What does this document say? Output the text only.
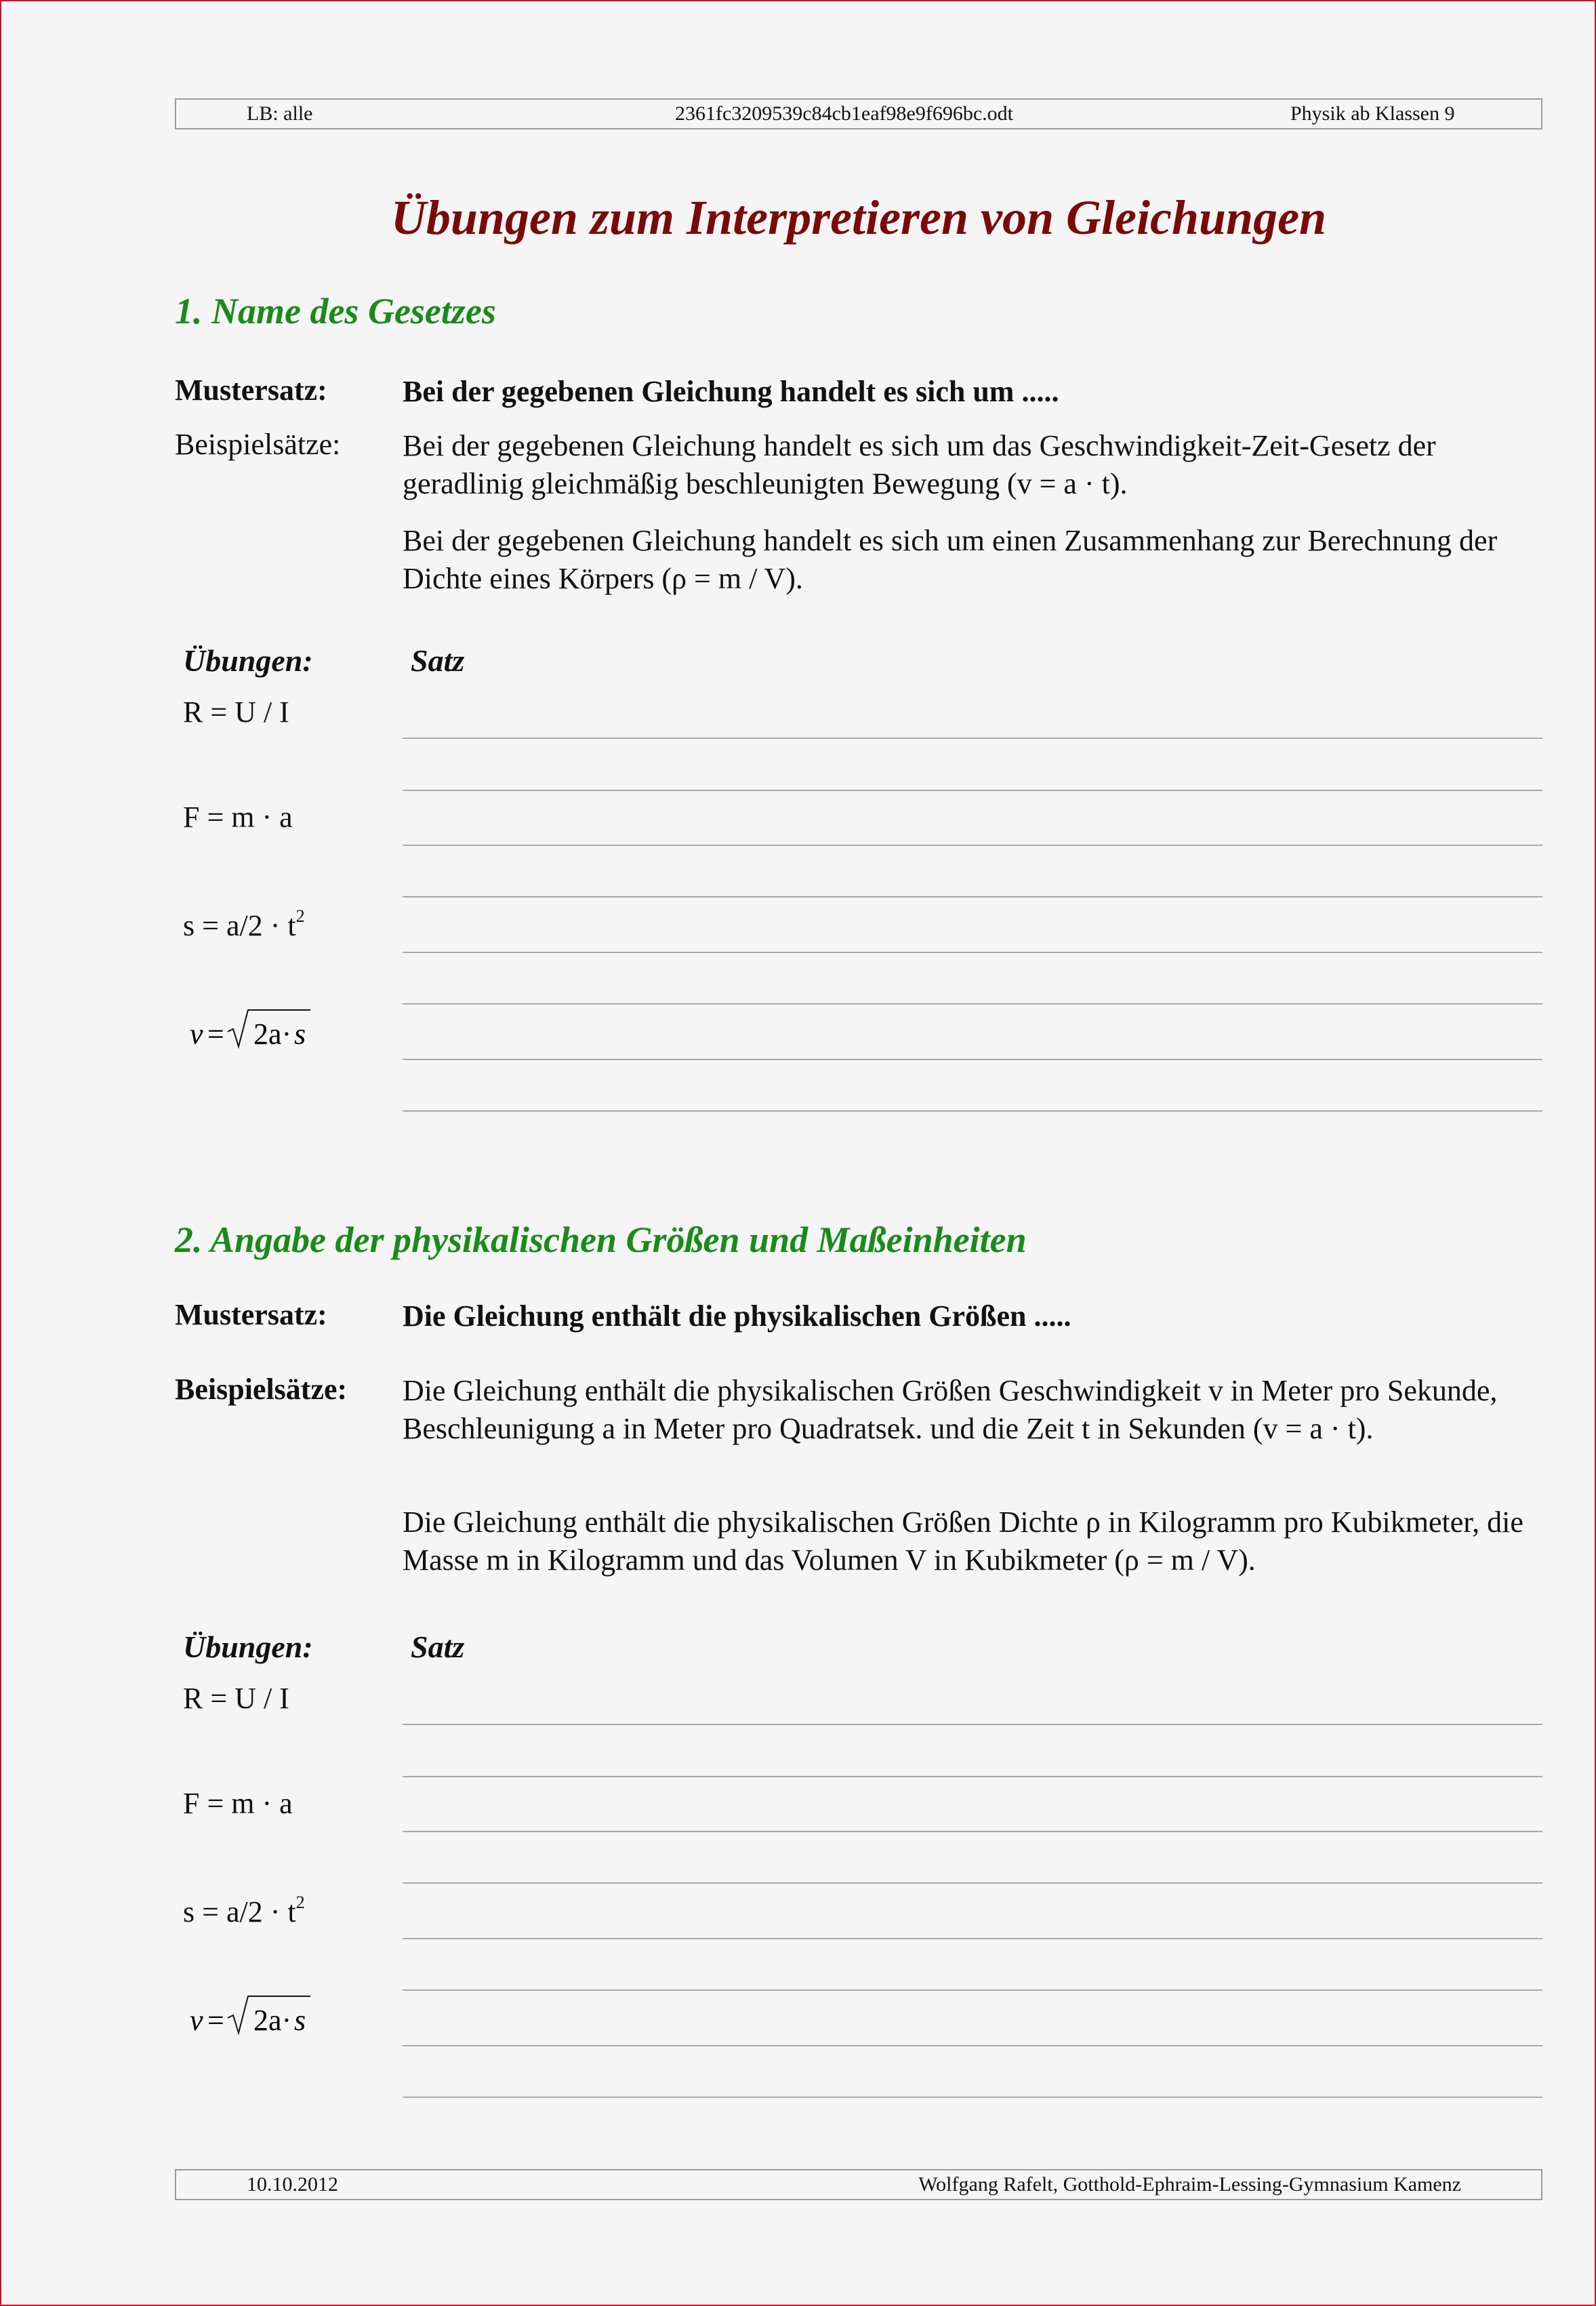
LB: alle	2361fc3209539c84cb1eaf98e9f696bc.odt	Physik ab Klassen 9
Übungen zum Interpretieren von Gleichungen
1. Name des Gesetzes
Mustersatz:	Bei der gegebenen Gleichung handelt es sich um .....
Beispielsätze: Bei der gegebenen Gleichung handelt es sich um das Geschwindigkeit-Zeit-Gesetz der geradlinig gleichmäßig beschleunigten Bewegung (v = a · t).
Bei der gegebenen Gleichung handelt es sich um einen Zusammenhang zur Berechnung der Dichte eines Körpers (ρ = m / V).
Übungen:	Satz
R = U / I
F = m · a
$s = a/2 \cdot t^2$
v = 2a· s
2. Angabe der physikalischen Größen und Maßeinheiten
Mustersatz:	Die Gleichung enthält die physikalischen Größen .....
Beispielsätze: Die Gleichung enthält die physikalischen Größen Geschwindigkeit v in Meter pro Sekunde, Beschleunigung a in Meter pro Quadratsek. und die Zeit t in Sekunden (v = a · t).
Die Gleichung enthält die physikalischen Größen Dichte ρ in Kilogramm pro Kubikmeter, die Masse m in Kilogramm und das Volumen V in Kubikmeter (ρ = m / V).
Übungen:	Satz
R = U / I
F = m · a
$s = a/2 \cdot t^2$
v = 2a· s
10.10.2012	Wolfgang Rafelt, Gotthold-Ephraim-Lessing-Gymnasium Kamenz
